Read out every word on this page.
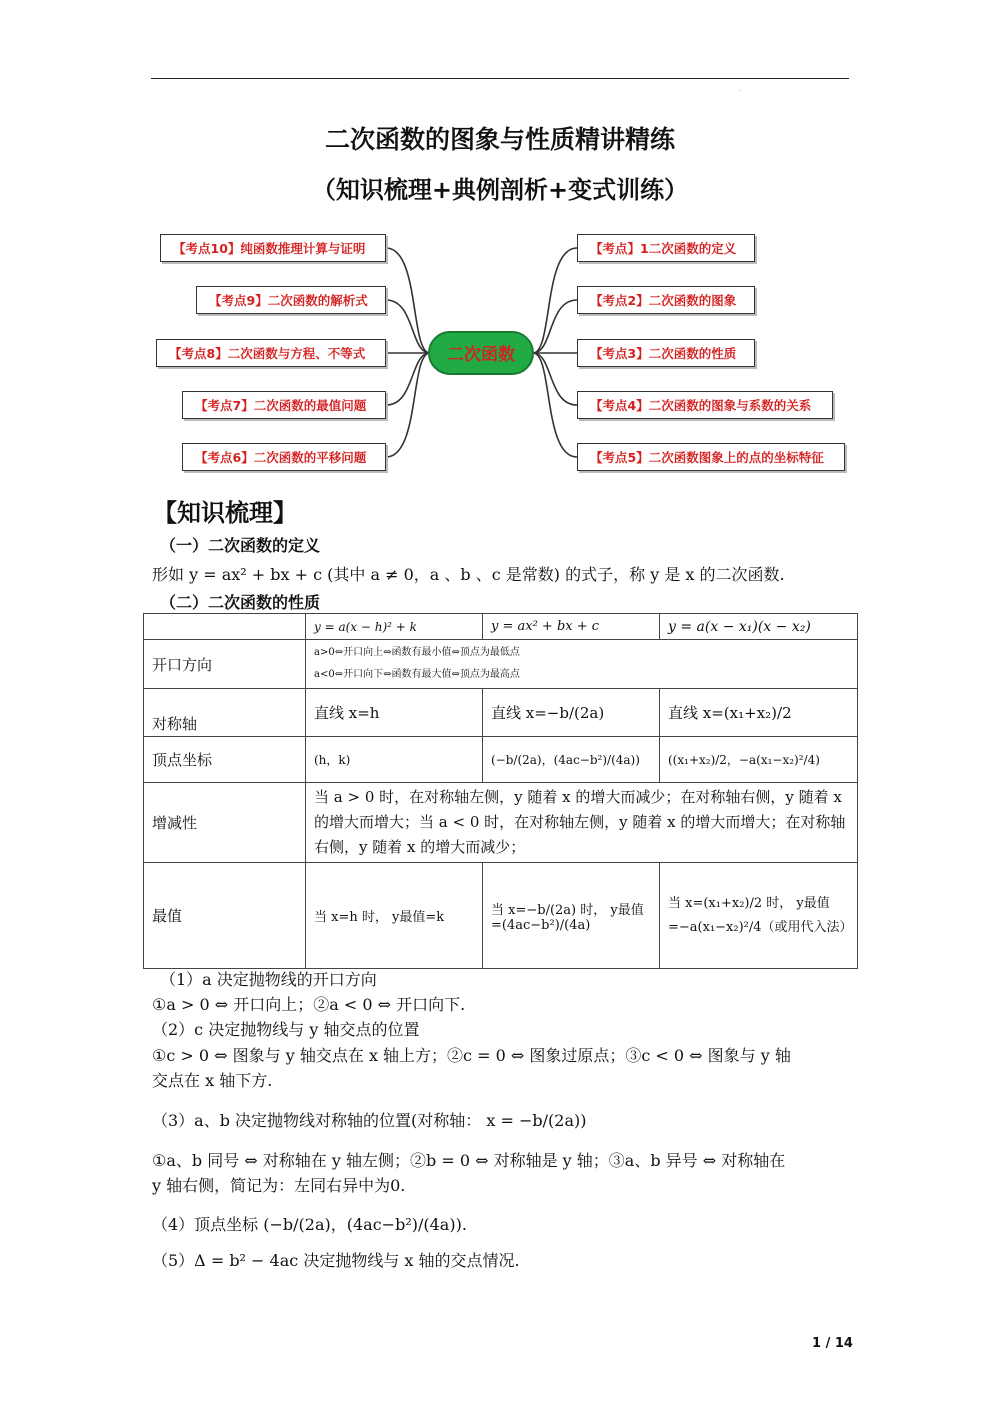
·
二次函数的图象与性质精讲精练
（知识梳理+典例剖析+变式训练）
二次函数
【考点10】纯函数推理计算与证明
【考点9】二次函数的解析式
【考点8】二次函数与方程、不等式
【考点7】二次函数的最值问题
【考点6】二次函数的平移问题
【考点】1二次函数的定义
【考点2】二次函数的图象
【考点3】二次函数的性质
【考点4】二次函数的图象与系数的关系
【考点5】二次函数图象上的点的坐标特征
【知识梳理】
（一）二次函数的定义
形如 y = ax² + bx + c (其中 a ≠ 0，a 、b 、c 是常数) 的式子，称 y 是 x 的二次函数.
（二）二次函数的性质
	y = a(x − h)² + k	y = ax² + bx + c	y = a(x − x₁)(x − x₂)
开口方向	a>0⇔开口向上⇔函数有最小值⇔顶点为最低点
a<0⇔开口向下⇔函数有最大值⇔顶点为最高点		

对称轴	直线 x=h	直线 x=−b/(2a)	直线 x=(x₁+x₂)/2
顶点坐标	(h，k)	(−b/(2a)，(4ac−b²)/(4a))	((x₁+x₂)/2，−a(x₁−x₂)²/4)
增减性	当 a > 0 时，在对称轴左侧，y 随着 x 的增大而减少；在对称轴右侧，y 随着 x 的增大而增大；当 a < 0 时，在对称轴左侧，y 随着 x 的增大而增大；在对称轴右侧，y 随着 x 的增大而减少；		
最值	当 x=h 时， y最值=k	当 x=−b/(2a) 时， y最值=(4ac−b²)/(4a)	当 x=(x₁+x₂)/2 时， y最值=−a(x₁−x₂)²/4（或用代入法）
（1）a 决定抛物线的开口方向
①a > 0 ⇔ 开口向上；②a < 0 ⇔ 开口向下.
（2）c 决定抛物线与 y 轴交点的位置
①c > 0 ⇔ 图象与 y 轴交点在 x 轴上方；②c = 0 ⇔ 图象过原点；③c < 0 ⇔ 图象与 y 轴
交点在 x 轴下方.
（3）a、b 决定抛物线对称轴的位置(对称轴： x = −b/(2a))
①a、b 同号 ⇔ 对称轴在 y 轴左侧；②b = 0 ⇔ 对称轴是 y 轴；③a、b 异号 ⇔ 对称轴在
y 轴右侧，简记为：左同右异中为0.
（4）顶点坐标 (−b/(2a)，(4ac−b²)/(4a)).
（5）Δ = b² − 4ac 决定抛物线与 x 轴的交点情况.
1 / 14
